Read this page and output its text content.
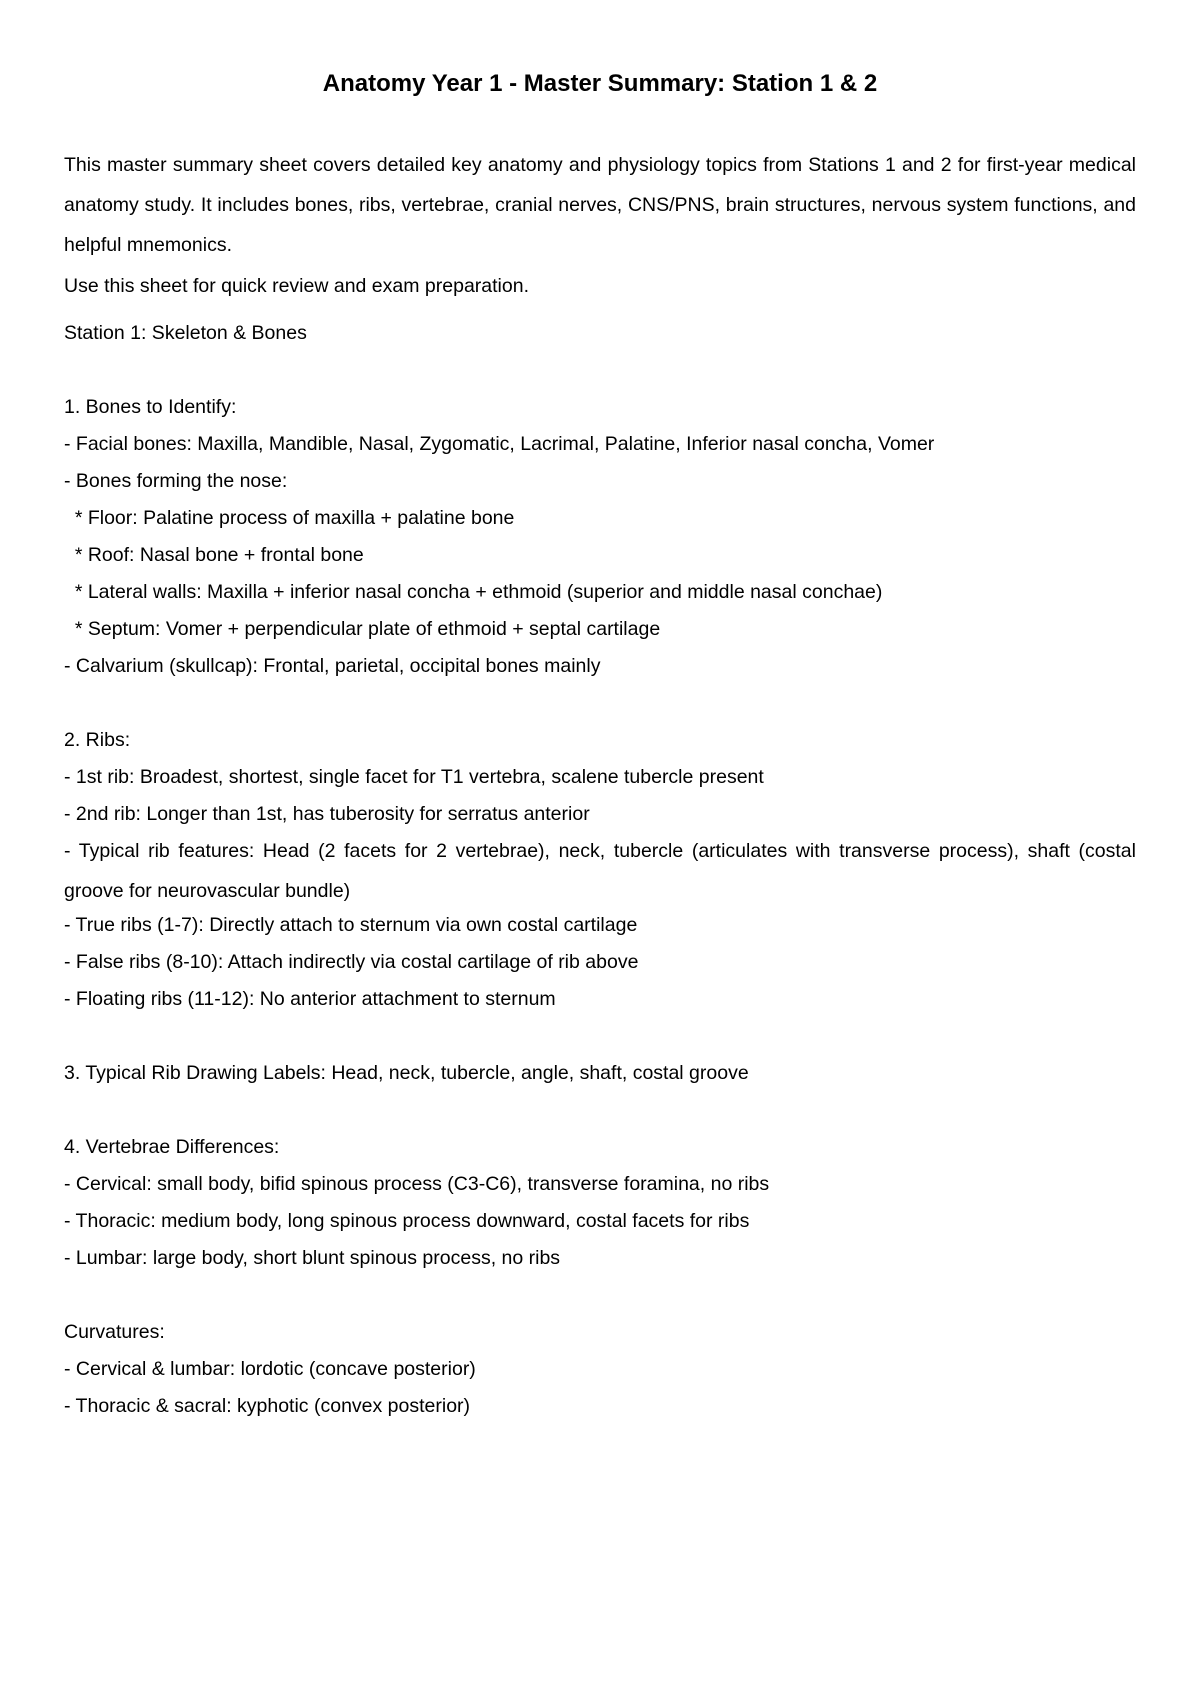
Anatomy Year 1 - Master Summary: Station 1 & 2

This master summary sheet covers detailed key anatomy and physiology topics from Stations 1 and 2 for first-year medical anatomy study. It includes bones, ribs, vertebrae, cranial nerves, CNS/PNS, brain structures, nervous system functions, and helpful mnemonics.

Use this sheet for quick review and exam preparation.

Station 1: Skeleton & Bones

1. Bones to Identify:

- Facial bones: Maxilla, Mandible, Nasal, Zygomatic, Lacrimal, Palatine, Inferior nasal concha, Vomer

- Bones forming the nose:

* Floor: Palatine process of maxilla + palatine bone

* Roof: Nasal bone + frontal bone

* Lateral walls: Maxilla + inferior nasal concha + ethmoid (superior and middle nasal conchae)

* Septum: Vomer + perpendicular plate of ethmoid + septal cartilage

- Calvarium (skullcap): Frontal, parietal, occipital bones mainly

2. Ribs:

- 1st rib: Broadest, shortest, single facet for T1 vertebra, scalene tubercle present

- 2nd rib: Longer than 1st, has tuberosity for serratus anterior

- Typical rib features: Head (2 facets for 2 vertebrae), neck, tubercle (articulates with transverse process), shaft (costal groove for neurovascular bundle)

- True ribs (1-7): Directly attach to sternum via own costal cartilage

- False ribs (8-10): Attach indirectly via costal cartilage of rib above

- Floating ribs (11-12): No anterior attachment to sternum

3. Typical Rib Drawing Labels: Head, neck, tubercle, angle, shaft, costal groove

4. Vertebrae Differences:

- Cervical: small body, bifid spinous process (C3-C6), transverse foramina, no ribs

- Thoracic: medium body, long spinous process downward, costal facets for ribs

- Lumbar: large body, short blunt spinous process, no ribs

Curvatures:

- Cervical & lumbar: lordotic (concave posterior)

- Thoracic & sacral: kyphotic (convex posterior)
